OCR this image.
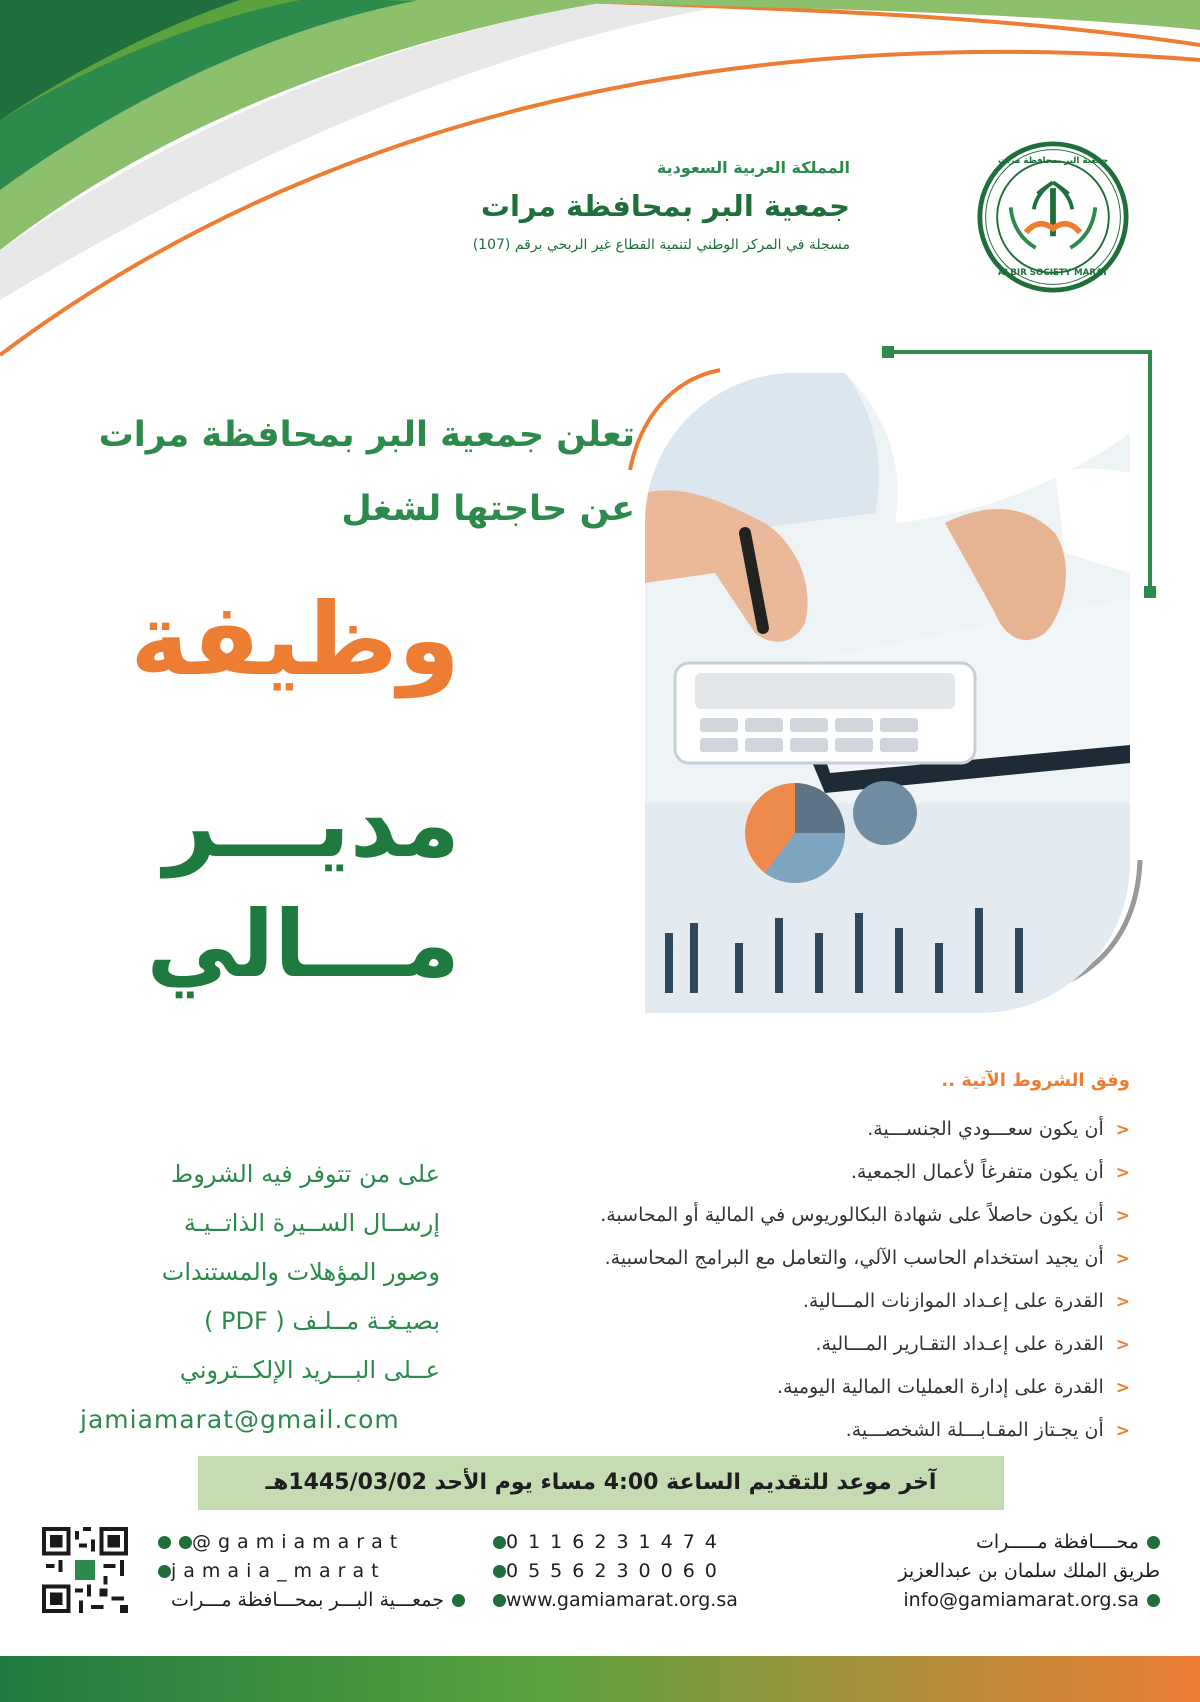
المملكة العربية السعودية
جمعية البر بمحافظة مرات
مسجلة في المركز الوطني لتنمية القطاع غير الربحي برقم (107)
ALBIR SOCIETY MARAT
جمعية البر بمحافظة مرات
تعلن جمعية البر بمحافظة مرات
عن حاجتها لشغل
وظيفة
مديـــر
مـــالي
وفق الشروط الآتية ..
<أن يكون سعـــودي الجنســـية.
<أن يكون متفرغاً لأعمال الجمعية.
<أن يكون حاصلاً على شهادة البكالوريوس في المالية أو المحاسبة.
<أن يجيد استخدام الحاسب الآلي، والتعامل مع البرامج المحاسبية.
<القدرة على إعـداد الموازنات المـــالية.
<القدرة على إعـداد التقـارير المـــالية.
<القدرة على إدارة العمليات المالية اليومية.
<أن يجـتاز المقـابـــلة الشخصـــية.
على من تتوفر فيه الشروط
إرســال الســيرة الذاتــيـة
وصور المؤهلات والمستندات
بصيـغـة مــلـف ( PDF )
عــلى البـــريد الإلكــتروني
jamiamarat@gmail.com
آخر موعد للتقديم الساعة 4:00 مساء يوم الأحد 1445/03/02هـ
محــــافظة مـــــرات
طريق الملك سلمان بن عبدالعزيز
info@gamiamarat.org.sa
0116231474
0556230060
www.gamiamarat.org.sa
@gamiamarat
jamaia_marat
جمعـــية البـــر بمحـــافظة مـــرات
